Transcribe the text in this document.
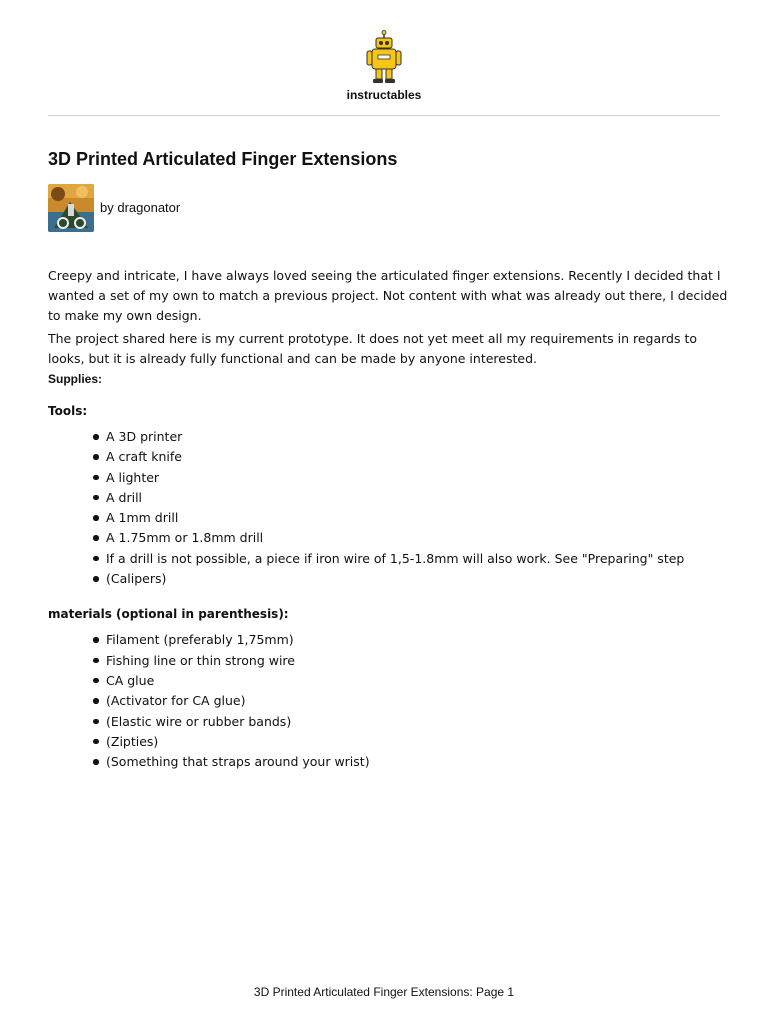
instructables
3D Printed Articulated Finger Extensions
by dragonator

Creepy and intricate, I have always loved seeing the articulated finger extensions. Recently I decided that I wanted a set of my own to match a previous project. Not content with what was already out there, I decided to make my own design.

The project shared here is my current prototype. It does not yet meet all my requirements in regards to looks, but it is already fully functional and can be made by anyone interested.

Supplies:

Tools:

A 3D printer
A craft knife
A lighter
A drill
A 1mm drill
A 1.75mm or 1.8mm drill
If a drill is not possible, a piece if iron wire of 1,5-1.8mm will also work. See "Preparing" step
(Calipers)

materials (optional in parenthesis):

Filament (preferably 1,75mm)
Fishing line or thin strong wire
CA glue
(Activator for CA glue)
(Elastic wire or rubber bands)
(Zipties)
(Something that straps around your wrist)
3D Printed Articulated Finger Extensions: Page 1
